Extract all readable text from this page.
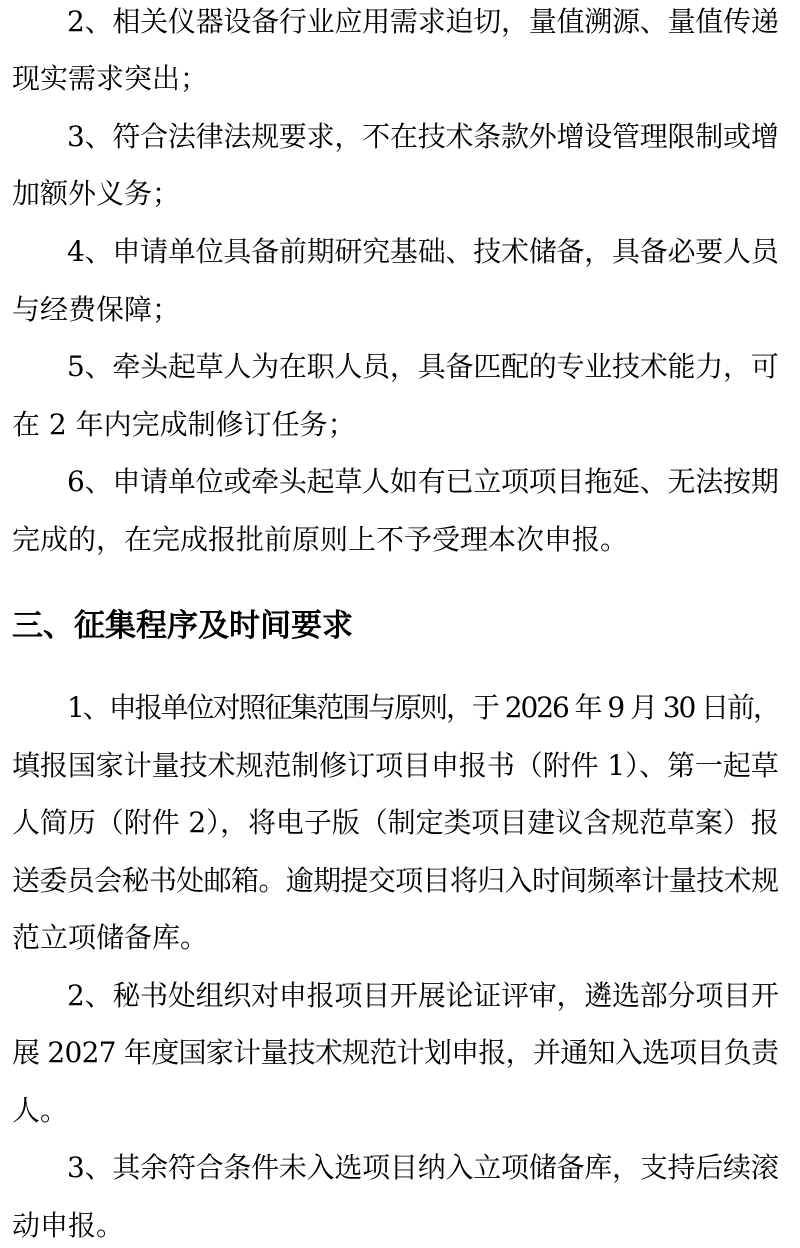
2、相关仪器设备行业应用需求迫切，量值溯源、量值传递
现实需求突出；
3、符合法律法规要求，不在技术条款外增设管理限制或增
加额外义务；
4、申请单位具备前期研究基础、技术储备，具备必要人员
与经费保障；
5、牵头起草人为在职人员，具备匹配的专业技术能力，可
在 2 年内完成制修订任务；
6、申请单位或牵头起草人如有已立项项目拖延、无法按期
完成的，在完成报批前原则上不予受理本次申报。
三、征集程序及时间要求
1、申报单位对照征集范围与原则，于 2026 年 9 月 30 日前，
填报国家计量技术规范制修订项目申报书（附件 1）、第一起草
人简历（附件 2），将电子版（制定类项目建议含规范草案）报
送委员会秘书处邮箱。逾期提交项目将归入时间频率计量技术规
范立项储备库。
2、秘书处组织对申报项目开展论证评审，遴选部分项目开
展 2027 年度国家计量技术规范计划申报，并通知入选项目负责
人。
3、其余符合条件未入选项目纳入立项储备库，支持后续滚
动申报。
